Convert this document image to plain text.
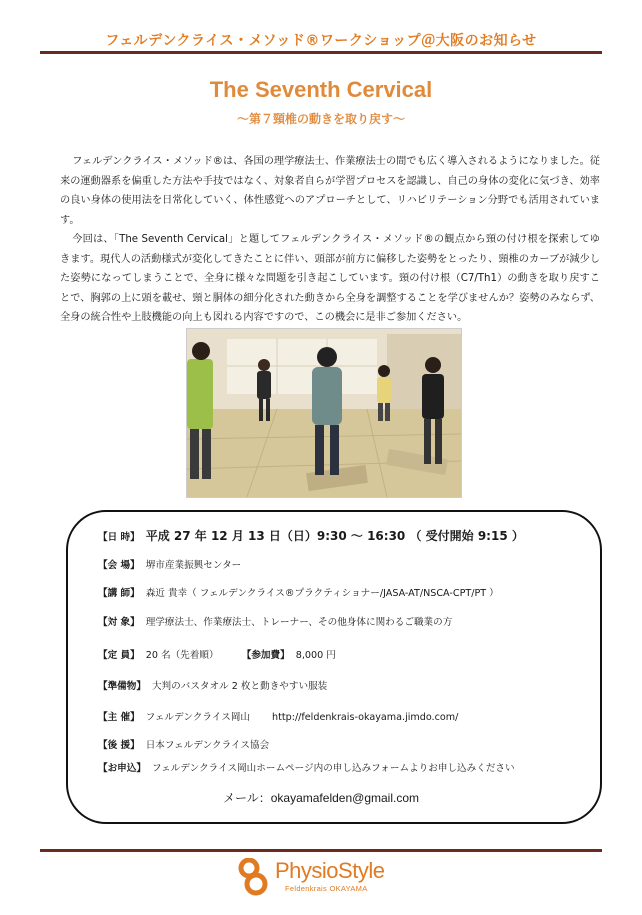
フェルデンクライス・メソッド®ワークショップ＠大阪のお知らせ
The Seventh Cervical
～第７頸椎の動きを取り戻す～

フェルデンクライス・メソッド®は、各国の理学療法士、作業療法士の間でも広く導入されるようになりました。従来の運動器系を偏重した方法や手技ではなく、対象者自らが学習プロセスを認識し、自己の身体の変化に気づき、効率の良い身体の使用法を日常化していく、体性感覚へのアプローチとして、リハビリテーション分野でも活用されています。

今回は、「The Seventh Cervical」と題してフェルデンクライス・メソッド®の観点から頸の付け根を探索してゆきます。現代人の活動様式が変化してきたことに伴い、頭部が前方に偏移した姿勢をとったり、頸椎のカーブが減少した姿勢になってしまうことで、全身に様々な問題を引き起こしています。頸の付け根（C7/Th1）の動きを取り戻すことで、胸郭の上に頭を載せ、頸と胴体の細分化された動きから全身を調整することを学びませんか？姿勢のみならず、全身の統合性や上肢機能の向上も図れる内容ですので、この機会に是非ご参加ください。

【日 時】 平成 27 年 12 月 13 日（日）9:30 ～ 16:30 （ 受付開始 9:15 ）
【会 場】 堺市産業振興センター
【講 師】 森近 貴幸（ フェルデンクライス®プラクティショナー/JASA-AT/NSCA-CPT/PT ）
【対 象】 理学療法士、作業療法士、トレーナー、その他身体に関わるご職業の方
【定 員】 20 名（先着順）	【参加費】 8,000 円
【準備物】 大判のバスタオル 2 枚と動きやすい服装
【主 催】 フェルデンクライス岡山 http://feldenkrais-okayama.jimdo.com/
【後 援】 日本フェルデンクライス協会
【お申込】 フェルデンクライス岡山ホームページ内の申し込みフォームよりお申し込みください
メール：okayamafelden@gmail.com
PhysioStyle
Feldenkrais OKAYAMA
